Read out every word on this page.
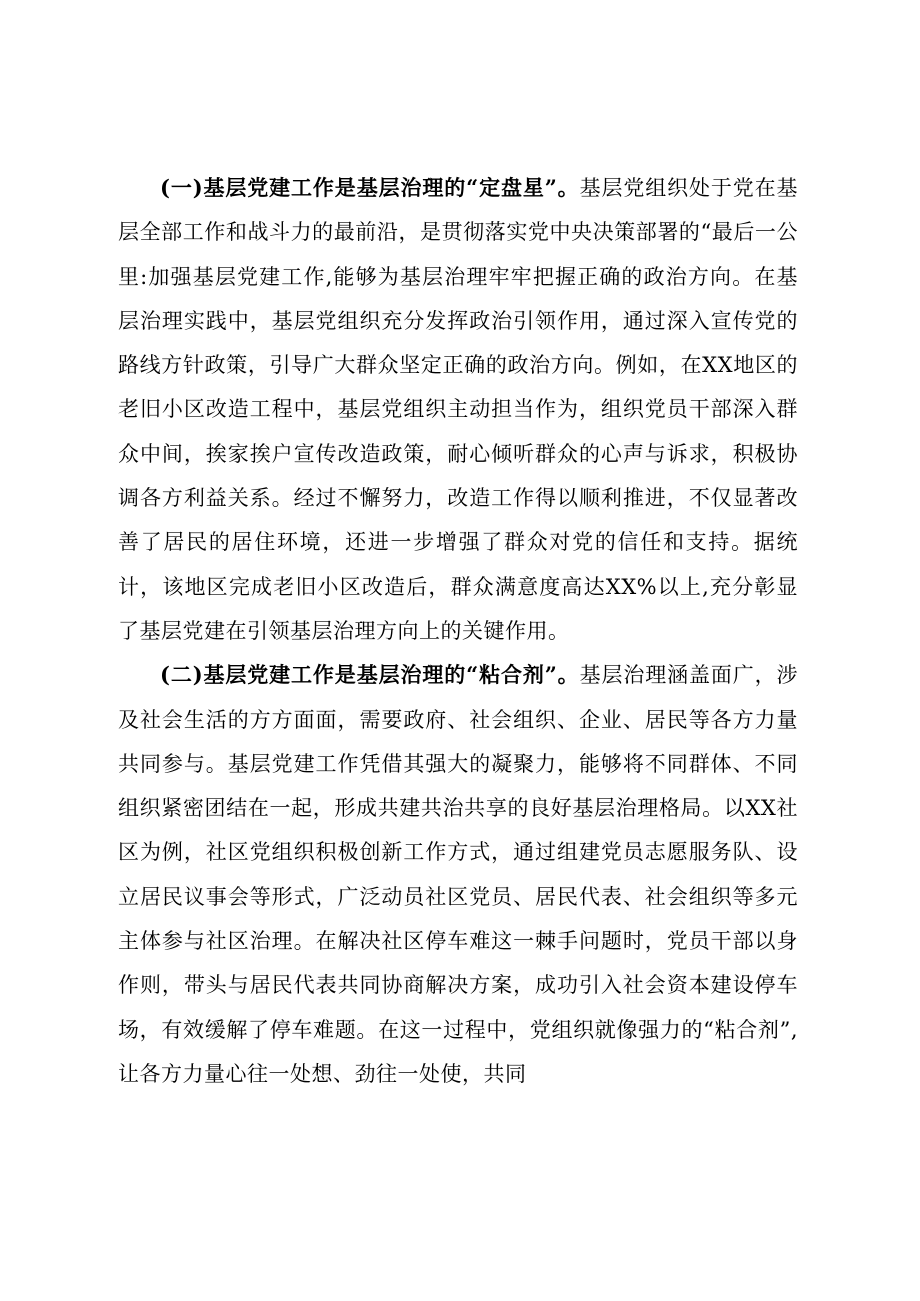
(一)基层党建工作是基层治理的“定盘星”。基层党组织处于党在基层全部工作和战斗力的最前沿，是贯彻落实党中央决策部署的“最后一公里:加强基层党建工作,能够为基层治理牢牢把握正确的政治方向。在基层治理实践中，基层党组织充分发挥政治引领作用，通过深入宣传党的路线方针政策，引导广大群众坚定正确的政治方向。例如，在XX地区的老旧小区改造工程中，基层党组织主动担当作为，组织党员干部深入群众中间，挨家挨户宣传改造政策，耐心倾听群众的心声与诉求，积极协调各方利益关系。经过不懈努力，改造工作得以顺利推进，不仅显著改善了居民的居住环境，还进一步增强了群众对党的信任和支持。据统计，该地区完成老旧小区改造后，群众满意度高达XX%以上,充分彰显了基层党建在引领基层治理方向上的关键作用。

(二)基层党建工作是基层治理的“粘合剂”。基层治理涵盖面广，涉及社会生活的方方面面，需要政府、社会组织、企业、居民等各方力量共同参与。基层党建工作凭借其强大的凝聚力，能够将不同群体、不同组织紧密团结在一起，形成共建共治共享的良好基层治理格局。以XX社区为例，社区党组织积极创新工作方式，通过组建党员志愿服务队、设立居民议事会等形式，广泛动员社区党员、居民代表、社会组织等多元主体参与社区治理。在解决社区停车难这一棘手问题时，党员干部以身作则，带头与居民代表共同协商解决方案，成功引入社会资本建设停车场，有效缓解了停车难题。在这一过程中，党组织就像强力的“粘合剂”,让各方力量心往一处想、劲往一处使，共同
